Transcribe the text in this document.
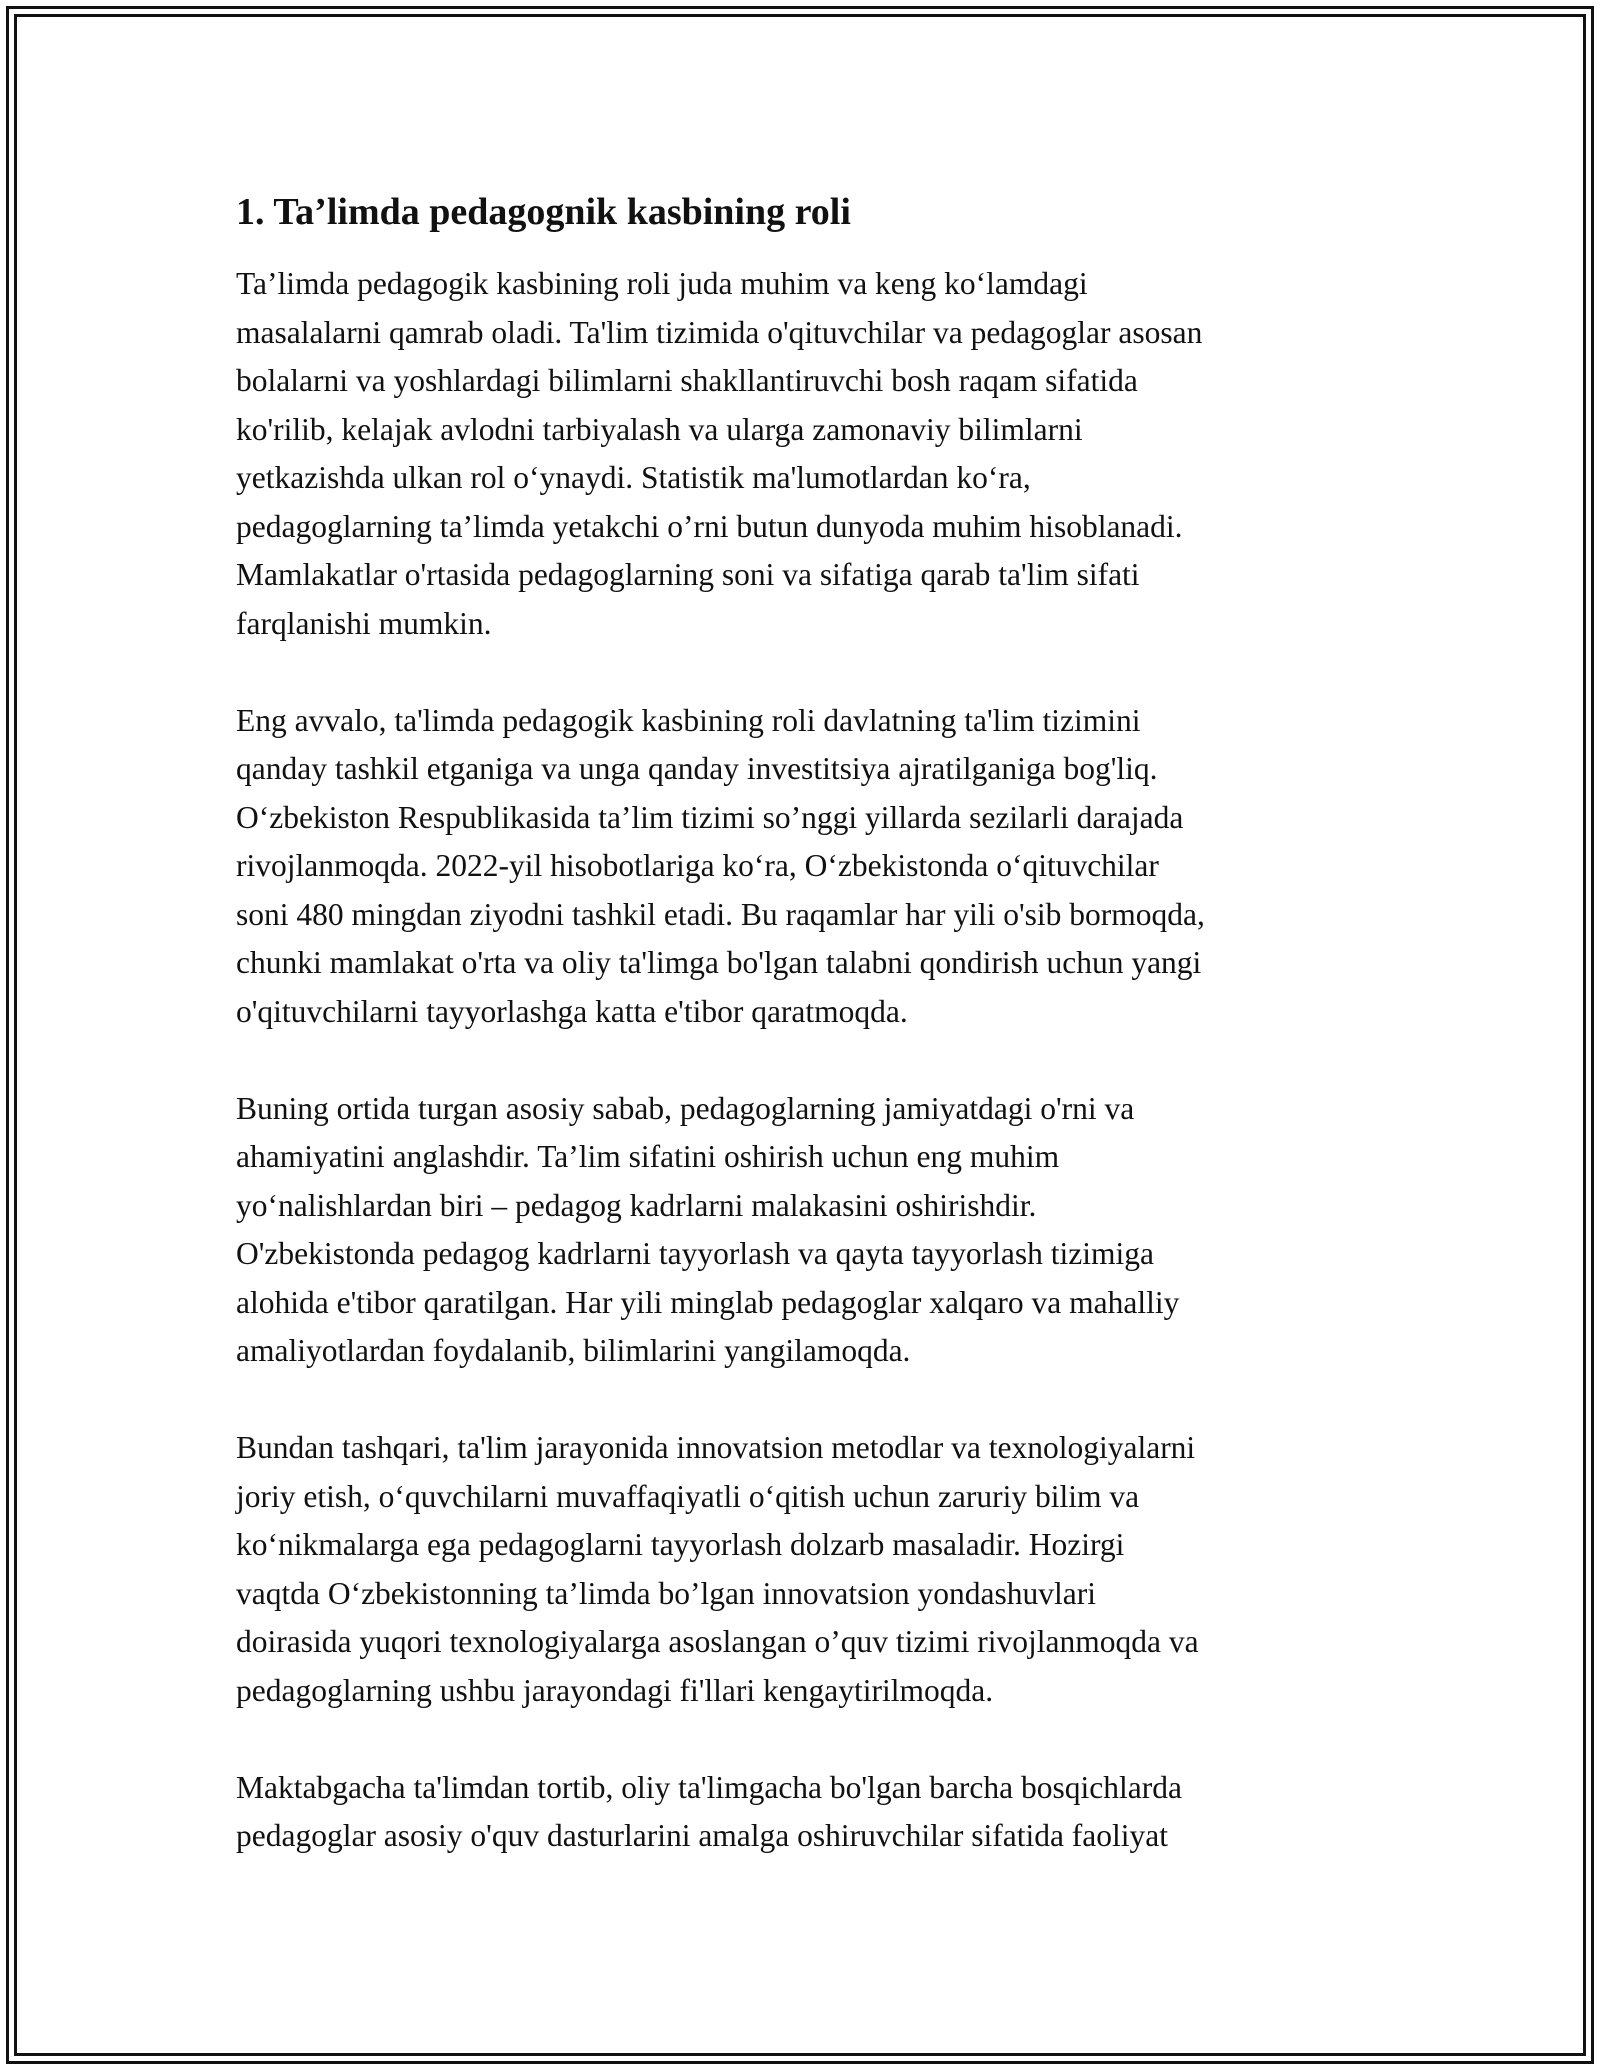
1. Ta’limda pedagognik kasbining roli

Ta’limda pedagogik kasbining roli juda muhim va keng ko‘lamdagi
masalalarni qamrab oladi. Ta'lim tizimida o'qituvchilar va pedagoglar asosan
bolalarni va yoshlardagi bilimlarni shakllantiruvchi bosh raqam sifatida
ko'rilib, kelajak avlodni tarbiyalash va ularga zamonaviy bilimlarni
yetkazishda ulkan rol o‘ynaydi. Statistik ma'lumotlardan ko‘ra,
pedagoglarning ta’limda yetakchi o’rni butun dunyoda muhim hisoblanadi.
Mamlakatlar o'rtasida pedagoglarning soni va sifatiga qarab ta'lim sifati
farqlanishi mumkin.

Eng avvalo, ta'limda pedagogik kasbining roli davlatning ta'lim tizimini
qanday tashkil etganiga va unga qanday investitsiya ajratilganiga bog'liq.
O‘zbekiston Respublikasida ta’lim tizimi so’nggi yillarda sezilarli darajada
rivojlanmoqda. 2022-yil hisobotlariga ko‘ra, O‘zbekistonda o‘qituvchilar
soni 480 mingdan ziyodni tashkil etadi. Bu raqamlar har yili o'sib bormoqda,
chunki mamlakat o'rta va oliy ta'limga bo'lgan talabni qondirish uchun yangi
o'qituvchilarni tayyorlashga katta e'tibor qaratmoqda.

Buning ortida turgan asosiy sabab, pedagoglarning jamiyatdagi o'rni va
ahamiyatini anglashdir. Ta’lim sifatini oshirish uchun eng muhim
yo‘nalishlardan biri – pedagog kadrlarni malakasini oshirishdir.
O'zbekistonda pedagog kadrlarni tayyorlash va qayta tayyorlash tizimiga
alohida e'tibor qaratilgan. Har yili minglab pedagoglar xalqaro va mahalliy
amaliyotlardan foydalanib, bilimlarini yangilamoqda.

Bundan tashqari, ta'lim jarayonida innovatsion metodlar va texnologiyalarni
joriy etish, o‘quvchilarni muvaffaqiyatli o‘qitish uchun zaruriy bilim va
ko‘nikmalarga ega pedagoglarni tayyorlash dolzarb masaladir. Hozirgi
vaqtda O‘zbekistonning ta’limda bo’lgan innovatsion yondashuvlari
doirasida yuqori texnologiyalarga asoslangan o’quv tizimi rivojlanmoqda va
pedagoglarning ushbu jarayondagi fi'llari kengaytirilmoqda.

Maktabgacha ta'limdan tortib, oliy ta'limgacha bo'lgan barcha bosqichlarda
pedagoglar asosiy o'quv dasturlarini amalga oshiruvchilar sifatida faoliyat
